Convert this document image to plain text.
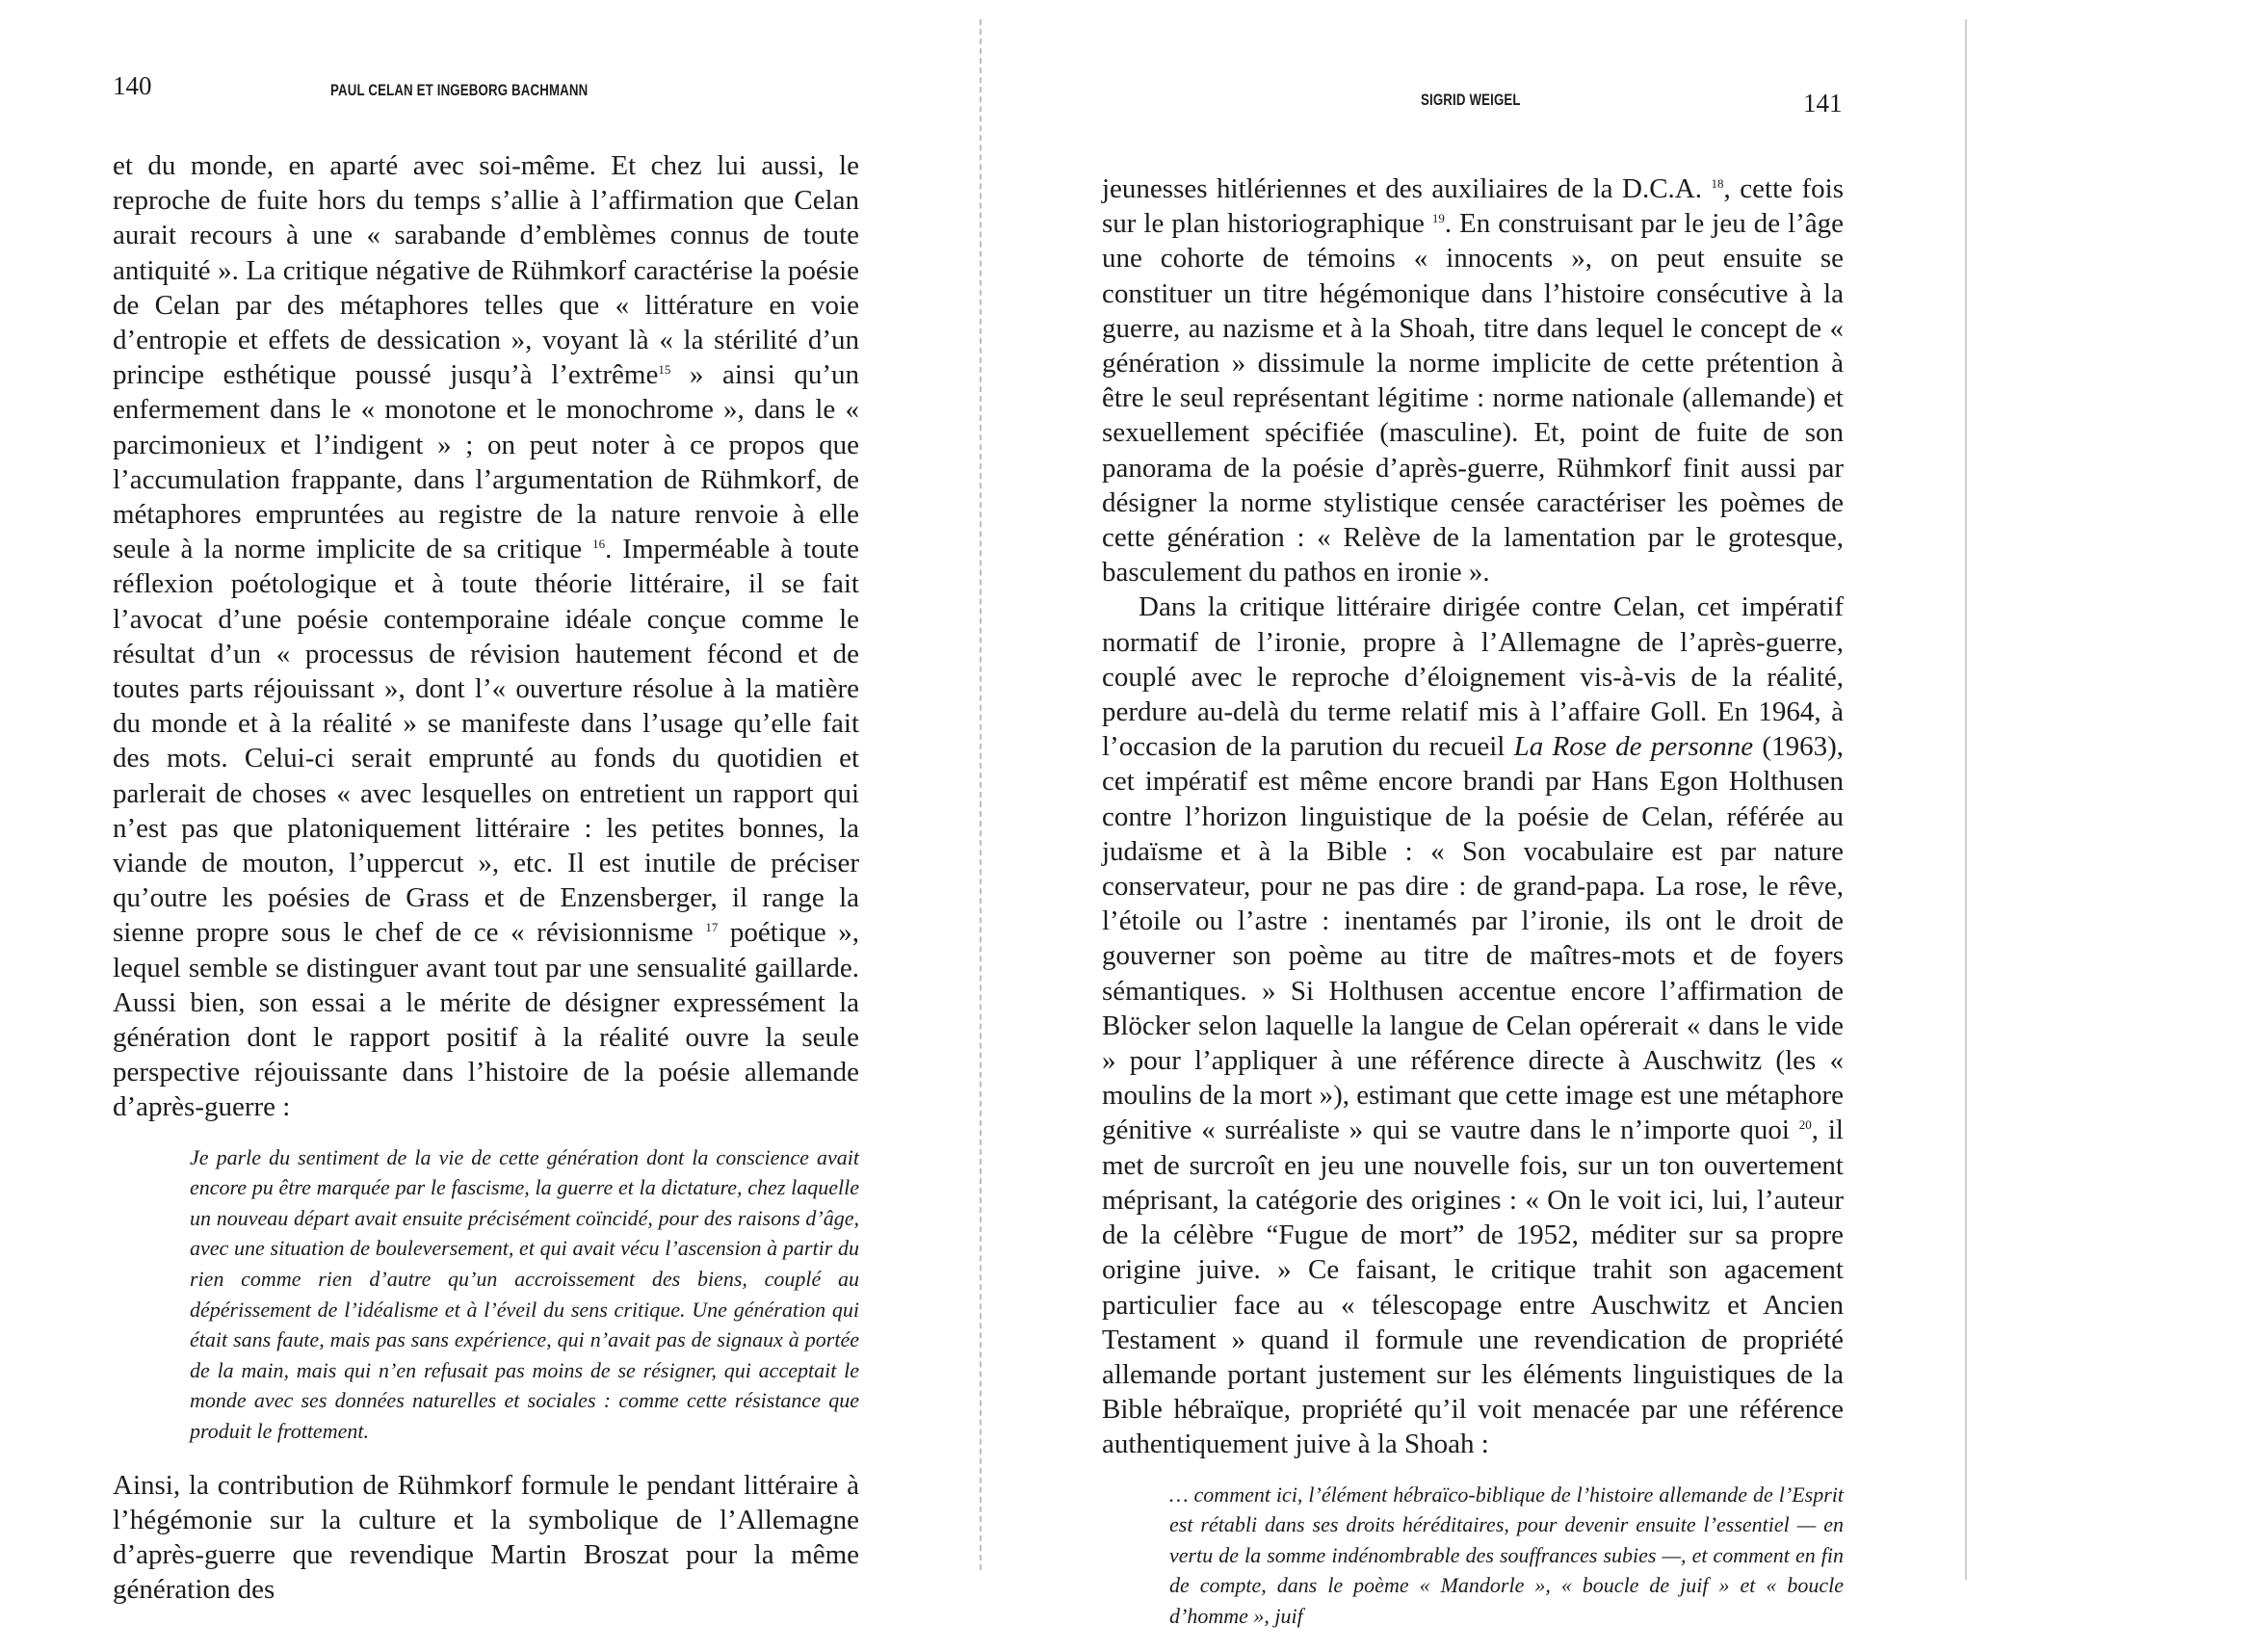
140	PAUL CELAN ET INGEBORG BACHMANN

et du monde, en aparté avec soi-même. Et chez lui aussi, le reproche de fuite hors du temps s’allie à l’affirmation que Celan aurait recours à une « sarabande d’emblèmes connus de toute antiquité ». La critique négative de Rühmkorf caractérise la poésie de Celan par des métaphores telles que « littérature en voie d’entropie et effets de dessication », voyant là « la stérilité d’un principe esthétique poussé jusqu’à l’extrême$^{15}$ » ainsi qu’un enfermement dans le « monotone et le monochrome », dans le « parcimonieux et l’indigent » ; on peut noter à ce propos que l’accumulation frappante, dans l’argumentation de Rühmkorf, de métaphores empruntées au registre de la nature renvoie à elle seule à la norme implicite de sa critique $^{16}$. Imperméable à toute réflexion poétologique et à toute théorie littéraire, il se fait l’avocat d’une poésie contemporaine idéale conçue comme le résultat d’un « processus de révision hautement fécond et de toutes parts réjouissant », dont l’« ouverture résolue à la matière du monde et à la réalité » se manifeste dans l’usage qu’elle fait des mots. Celui-ci serait emprunté au fonds du quotidien et parlerait de choses « avec lesquelles on entretient un rapport qui n’est pas que platoniquement littéraire : les petites bonnes, la viande de mouton, l’uppercut », etc. Il est inutile de préciser qu’outre les poésies de Grass et de Enzensberger, il range la sienne propre sous le chef de ce « révisionnisme $^{17}$ poétique », lequel semble se distinguer avant tout par une sensualité gaillarde. Aussi bien, son essai a le mérite de désigner expressément la génération dont le rapport positif à la réalité ouvre la seule perspective réjouissante dans l’histoire de la poésie allemande d’après-guerre :

Je parle du sentiment de la vie de cette génération dont la conscience avait encore pu être marquée par le fascisme, la guerre et la dictature, chez laquelle un nouveau départ avait ensuite précisément coïncidé, pour des raisons d’âge, avec une situation de bouleversement, et qui avait vécu l’ascension à partir du rien comme rien d’autre qu’un accroissement des biens, couplé au dépérissement de l’idéalisme et à l’éveil du sens critique. Une génération qui était sans faute, mais pas sans expérience, qui n’avait pas de signaux à portée de la main, mais qui n’en refusait pas moins de se résigner, qui acceptait le monde avec ses données naturelles et sociales : comme cette résistance que produit le frottement.

Ainsi, la contribution de Rühmkorf formule le pendant littéraire à l’hégémonie sur la culture et la symbolique de l’Allemagne d’après-guerre que revendique Martin Broszat pour la même génération des

141
SIGRID WEIGEL

jeunesses hitlériennes et des auxiliaires de la D.C.A. $^{18}$, cette fois sur le plan historiographique $^{19}$. En construisant par le jeu de l’âge une cohorte de témoins « innocents », on peut ensuite se constituer un titre hégémonique dans l’histoire consécutive à la guerre, au nazisme et à la Shoah, titre dans lequel le concept de « génération » dissimule la norme implicite de cette prétention à être le seul représentant légitime : norme nationale (allemande) et sexuellement spécifiée (masculine). Et, point de fuite de son panorama de la poésie d’après-guerre, Rühmkorf finit aussi par désigner la norme stylistique censée caractériser les poèmes de cette génération : « Relève de la lamentation par le grotesque, basculement du pathos en ironie ».

Dans la critique littéraire dirigée contre Celan, cet impératif normatif de l’ironie, propre à l’Allemagne de l’après-guerre, couplé avec le reproche d’éloignement vis-à-vis de la réalité, perdure au-delà du terme relatif mis à l’affaire Goll. En 1964, à l’occasion de la parution du recueil La Rose de personne (1963), cet impératif est même encore brandi par Hans Egon Holthusen contre l’horizon linguistique de la poésie de Celan, référée au judaïsme et à la Bible : « Son vocabulaire est par nature conservateur, pour ne pas dire : de grand-papa. La rose, le rêve, l’étoile ou l’astre : inentamés par l’ironie, ils ont le droit de gouverner son poème au titre de maîtres-mots et de foyers sémantiques. » Si Holthusen accentue encore l’affirmation de Blöcker selon laquelle la langue de Celan opérerait « dans le vide » pour l’appliquer à une référence directe à Auschwitz (les « moulins de la mort »), estimant que cette image est une métaphore génitive « surréaliste » qui se vautre dans le n’importe quoi $^{20}$, il met de surcroît en jeu une nouvelle fois, sur un ton ouvertement méprisant, la catégorie des origines : « On le voit ici, lui, l’auteur de la célèbre “Fugue de mort” de 1952, méditer sur sa propre origine juive. » Ce faisant, le critique trahit son agacement particulier face au « télescopage entre Auschwitz et Ancien Testament » quand il formule une revendication de propriété allemande portant justement sur les éléments linguistiques de la Bible hébraïque, propriété qu’il voit menacée par une référence authentiquement juive à la Shoah :

… comment ici, l’élément hébraïco-biblique de l’histoire allemande de l’Esprit est rétabli dans ses droits héréditaires, pour devenir ensuite l’essentiel — en vertu de la somme indénombrable des souffrances subies —, et comment en fin de compte, dans le poème « Mandorle », « boucle de juif » et « boucle d’homme », juif
